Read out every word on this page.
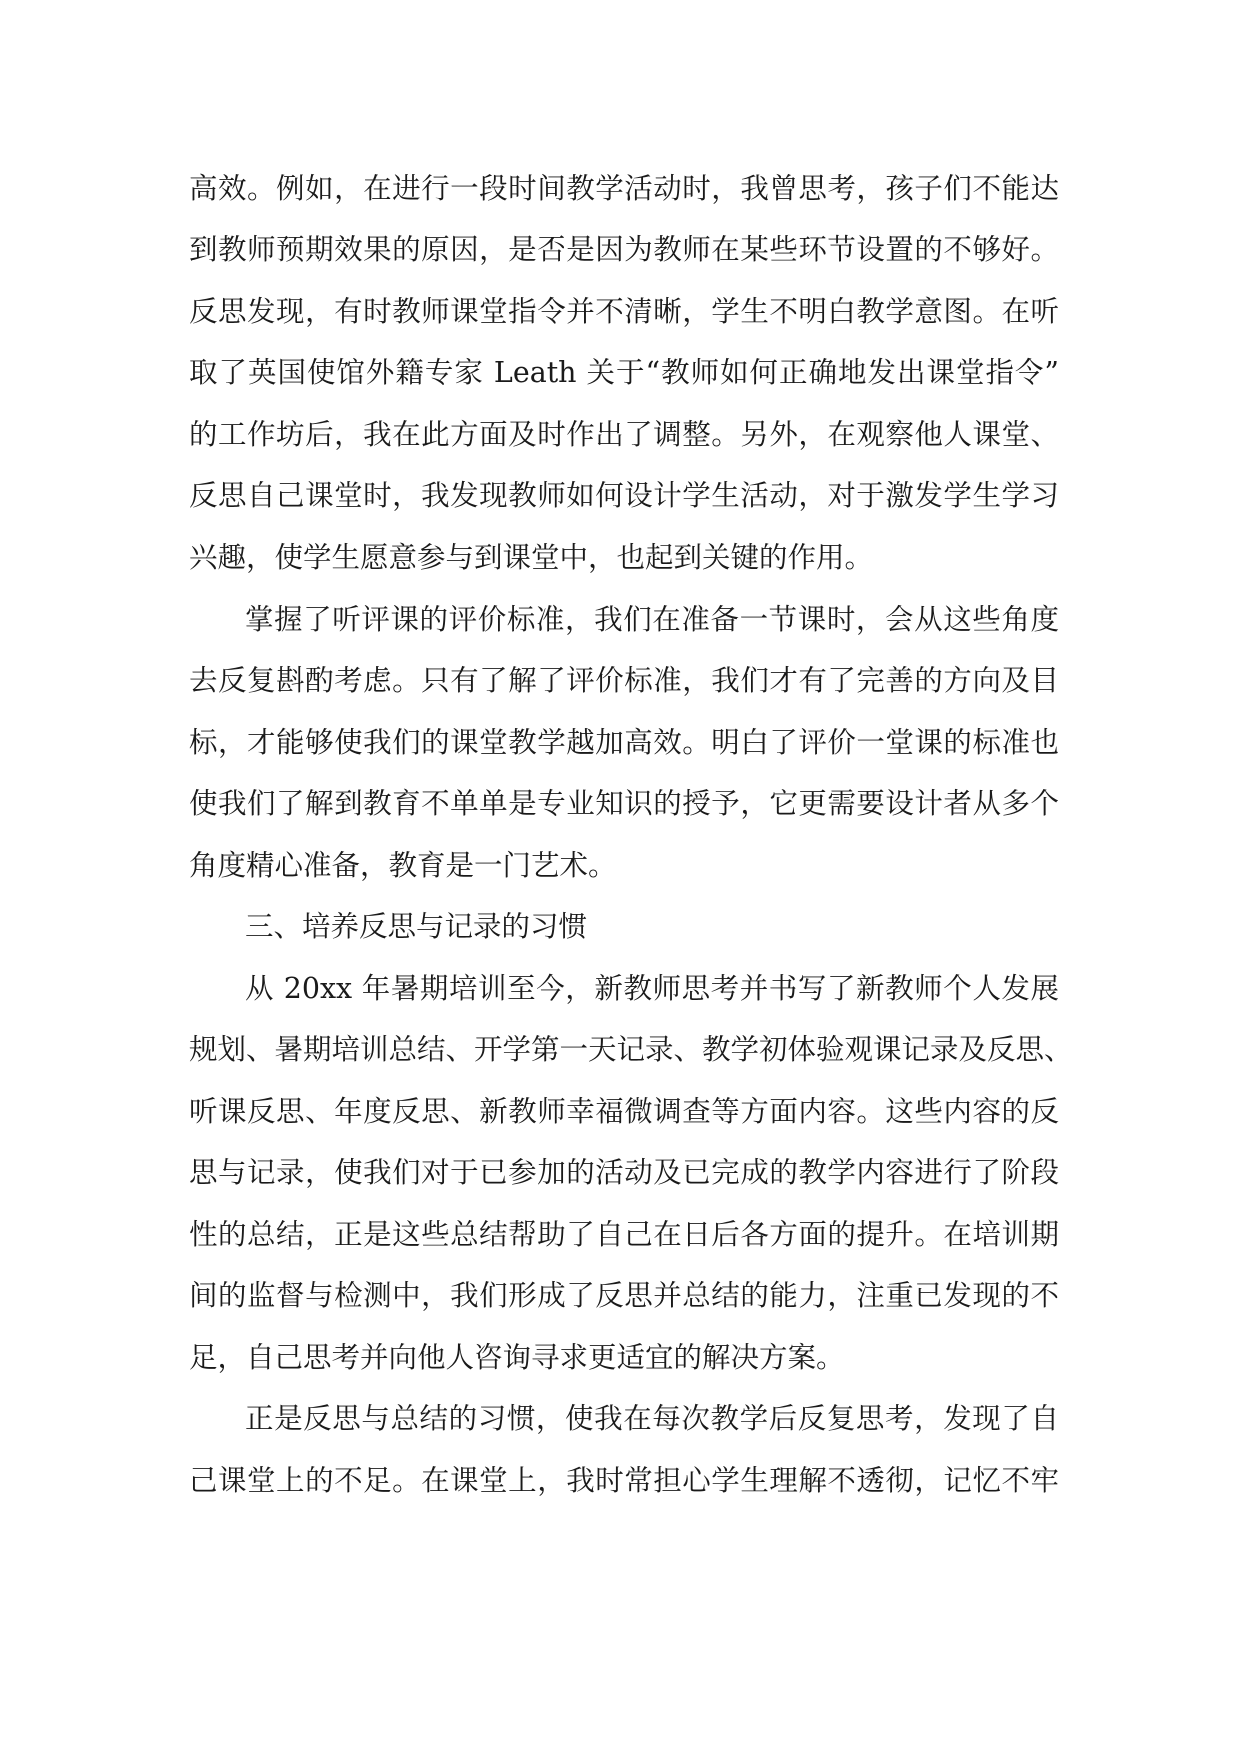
高效。例如，在进行一段时间教学活动时，我曾思考，孩子们不能达
到教师预期效果的原因，是否是因为教师在某些环节设置的不够好。
反思发现，有时教师课堂指令并不清晰，学生不明白教学意图。在听
取了英国使馆外籍专家 Leath 关于“教师如何正确地发出课堂指令”
的工作坊后，我在此方面及时作出了调整。另外，在观察他人课堂、
反思自己课堂时，我发现教师如何设计学生活动，对于激发学生学习
兴趣，使学生愿意参与到课堂中，也起到关键的作用。
掌握了听评课的评价标准，我们在准备一节课时，会从这些角度
去反复斟酌考虑。只有了解了评价标准，我们才有了完善的方向及目
标，才能够使我们的课堂教学越加高效。明白了评价一堂课的标准也
使我们了解到教育不单单是专业知识的授予，它更需要设计者从多个
角度精心准备，教育是一门艺术。
三、培养反思与记录的习惯
从 20xx 年暑期培训至今，新教师思考并书写了新教师个人发展
规划、暑期培训总结、开学第一天记录、教学初体验观课记录及反思、
听课反思、年度反思、新教师幸福微调查等方面内容。这些内容的反
思与记录，使我们对于已参加的活动及已完成的教学内容进行了阶段
性的总结，正是这些总结帮助了自己在日后各方面的提升。在培训期
间的监督与检测中，我们形成了反思并总结的能力，注重已发现的不
足，自己思考并向他人咨询寻求更适宜的解决方案。
正是反思与总结的习惯，使我在每次教学后反复思考，发现了自
己课堂上的不足。在课堂上，我时常担心学生理解不透彻，记忆不牢
